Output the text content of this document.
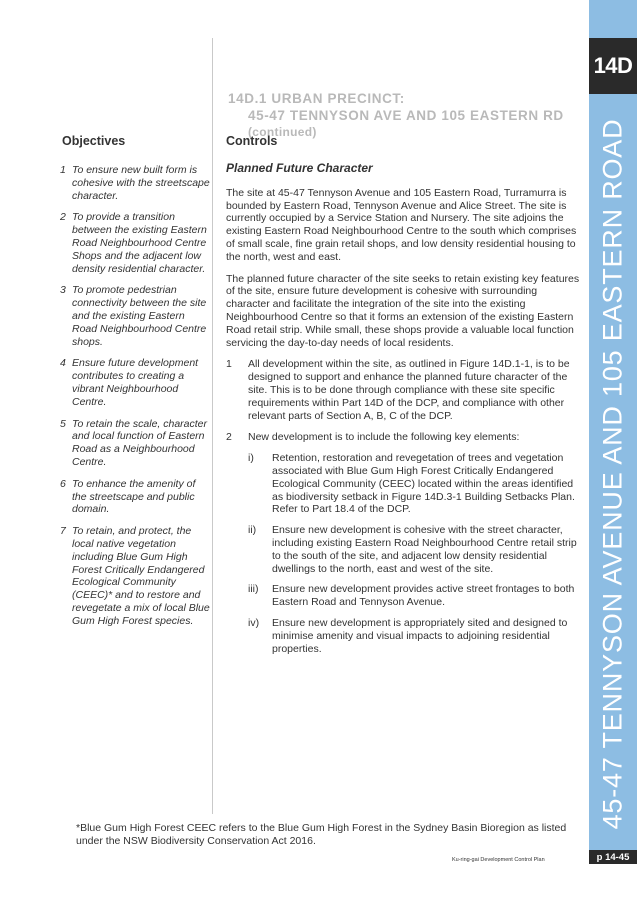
14D.1 URBAN PRECINCT:
45-47 TENNYSON AVE AND 105 EASTERN RD
(continued)
Objectives	Controls
1 To ensure new built form is cohesive with the streetscape character.
2 To provide a transition between the existing Eastern Road Neighbourhood Centre Shops and the adjacent low density residential character.
3 To promote pedestrian connectivity between the site and the existing Eastern Road Neighbourhood Centre shops.
4 Ensure future development contributes to creating a vibrant Neighbourhood Centre.
5 To retain the scale, character and local function of Eastern Road as a Neighbourhood Centre.
6 To enhance the amenity of the streetscape and public domain.
7 To retain, and protect, the local native vegetation including Blue Gum High Forest Critically Endangered Ecological Community (CEEC)* and to restore and revegetate a mix of local Blue Gum High Forest species.
Planned Future Character

The site at 45-47 Tennyson Avenue and 105 Eastern Road, Turramurra is bounded by Eastern Road, Tennyson Avenue and Alice Street. The site is currently occupied by a Service Station and Nursery. The site adjoins the existing Eastern Road Neighbourhood Centre to the south which comprises of small scale, fine grain retail shops, and low density residential housing to the north, west and east.

The planned future character of the site seeks to retain existing key features of the site, ensure future development is cohesive with surrounding character and facilitate the integration of the site into the existing Neighbourhood Centre so that it forms an extension of the existing Eastern Road retail strip. While small, these shops provide a valuable local function servicing the day-to-day needs of local residents.

1 All development within the site, as outlined in Figure 14D.1-1, is to be designed to support and enhance the planned future character of the site. This is to be done through compliance with these site specific requirements within Part 14D of the DCP, and compliance with other relevant parts of Section A, B, C of the DCP.
2 New development is to include the following key elements:
i) Retention, restoration and revegetation of trees and vegetation associated with Blue Gum High Forest Critically Endangered Ecological Community (CEEC) located within the areas identified as biodiversity setback in Figure 14D.3-1 Building Setbacks Plan. Refer to Part 18.4 of the DCP.
ii) Ensure new development is cohesive with the street character, including existing Eastern Road Neighbourhood Centre retail strip to the south of the site, and adjacent low density residential dwellings to the north, east and west of the site.
iii) Ensure new development provides active street frontages to both Eastern Road and Tennyson Avenue.
iv) Ensure new development is appropriately sited and designed to minimise amenity and visual impacts to adjoining residential properties.
*Blue Gum High Forest CEEC refers to the Blue Gum High Forest in the Sydney Basin Bioregion as listed under the NSW Biodiversity Conservation Act 2016.
Ku-ring-gai Development Control Plan
14D
45-47 TENNYSON AVENUE AND 105 EASTERN ROAD
p 14-45
